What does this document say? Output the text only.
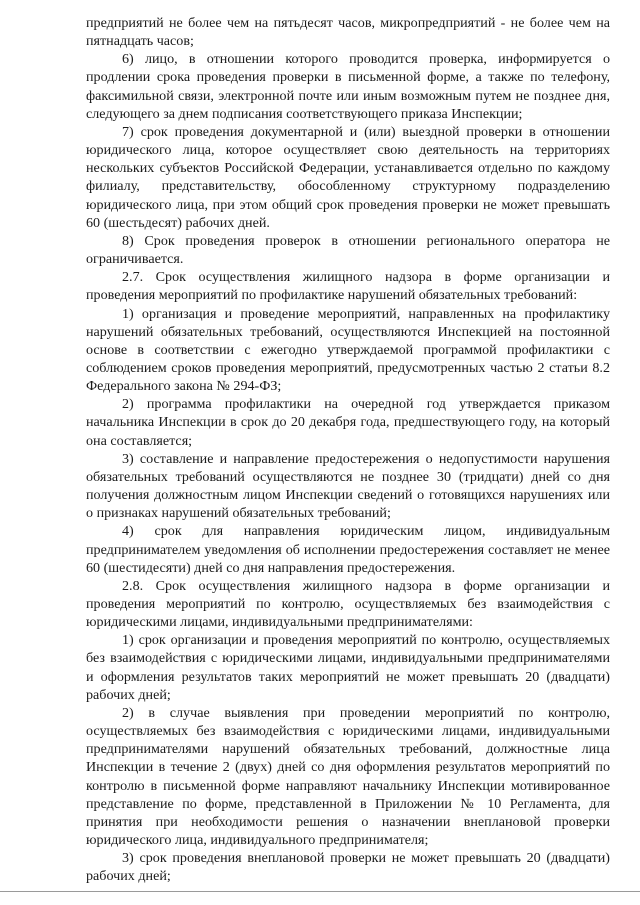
предприятий не более чем на пятьдесят часов, микропредприятий - не более чем на пятнадцать часов;

6) лицо, в отношении которого проводится проверка, информируется о продлении срока проведения проверки в письменной форме, а также по телефону, факсимильной связи, электронной почте или иным возможным путем не позднее дня, следующего за днем подписания соответствующего приказа Инспекции;

7) срок проведения документарной и (или) выездной проверки в отношении юридического лица, которое осуществляет свою деятельность на территориях нескольких субъектов Российской Федерации, устанавливается отдельно по каждому филиалу, представительству, обособленному структурному подразделению юридического лица, при этом общий срок проведения проверки не может превышать 60 (шестьдесят) рабочих дней.

8) Срок проведения проверок в отношении регионального оператора не ограничивается.

2.7. Срок осуществления жилищного надзора в форме организации и проведения мероприятий по профилактике нарушений обязательных требований:

1) организация и проведение мероприятий, направленных на профилактику нарушений обязательных требований, осуществляются Инспекцией на постоянной основе в соответствии с ежегодно утверждаемой программой профилактики с соблюдением сроков проведения мероприятий, предусмотренных частью 2 статьи 8.2 Федерального закона № 294-ФЗ;

2) программа профилактики на очередной год утверждается приказом начальника Инспекции в срок до 20 декабря года, предшествующего году, на который она составляется;

3) составление и направление предостережения о недопустимости нарушения обязательных требований осуществляются не позднее 30 (тридцати) дней со дня получения должностным лицом Инспекции сведений о готовящихся нарушениях или о признаках нарушений обязательных требований;

4) срок для направления юридическим лицом, индивидуальным предпринимателем уведомления об исполнении предостережения составляет не менее 60 (шестидесяти) дней со дня направления предостережения.

2.8. Срок осуществления жилищного надзора в форме организации и проведения мероприятий по контролю, осуществляемых без взаимодействия с юридическими лицами, индивидуальными предпринимателями:

1) срок организации и проведения мероприятий по контролю, осуществляемых без взаимодействия с юридическими лицами, индивидуальными предпринимателями и оформления результатов таких мероприятий не может превышать 20 (двадцати) рабочих дней;

2) в случае выявления при проведении мероприятий по контролю, осуществляемых без взаимодействия с юридическими лицами, индивидуальными предпринимателями нарушений обязательных требований, должностные лица Инспекции в течение 2 (двух) дней со дня оформления результатов мероприятий по контролю в письменной форме направляют начальнику Инспекции мотивированное представление по форме, представленной в Приложении № 10 Регламента, для принятия при необходимости решения о назначении внеплановой проверки юридического лица, индивидуального предпринимателя;

3) срок проведения внеплановой проверки не может превышать 20 (двадцати) рабочих дней;
